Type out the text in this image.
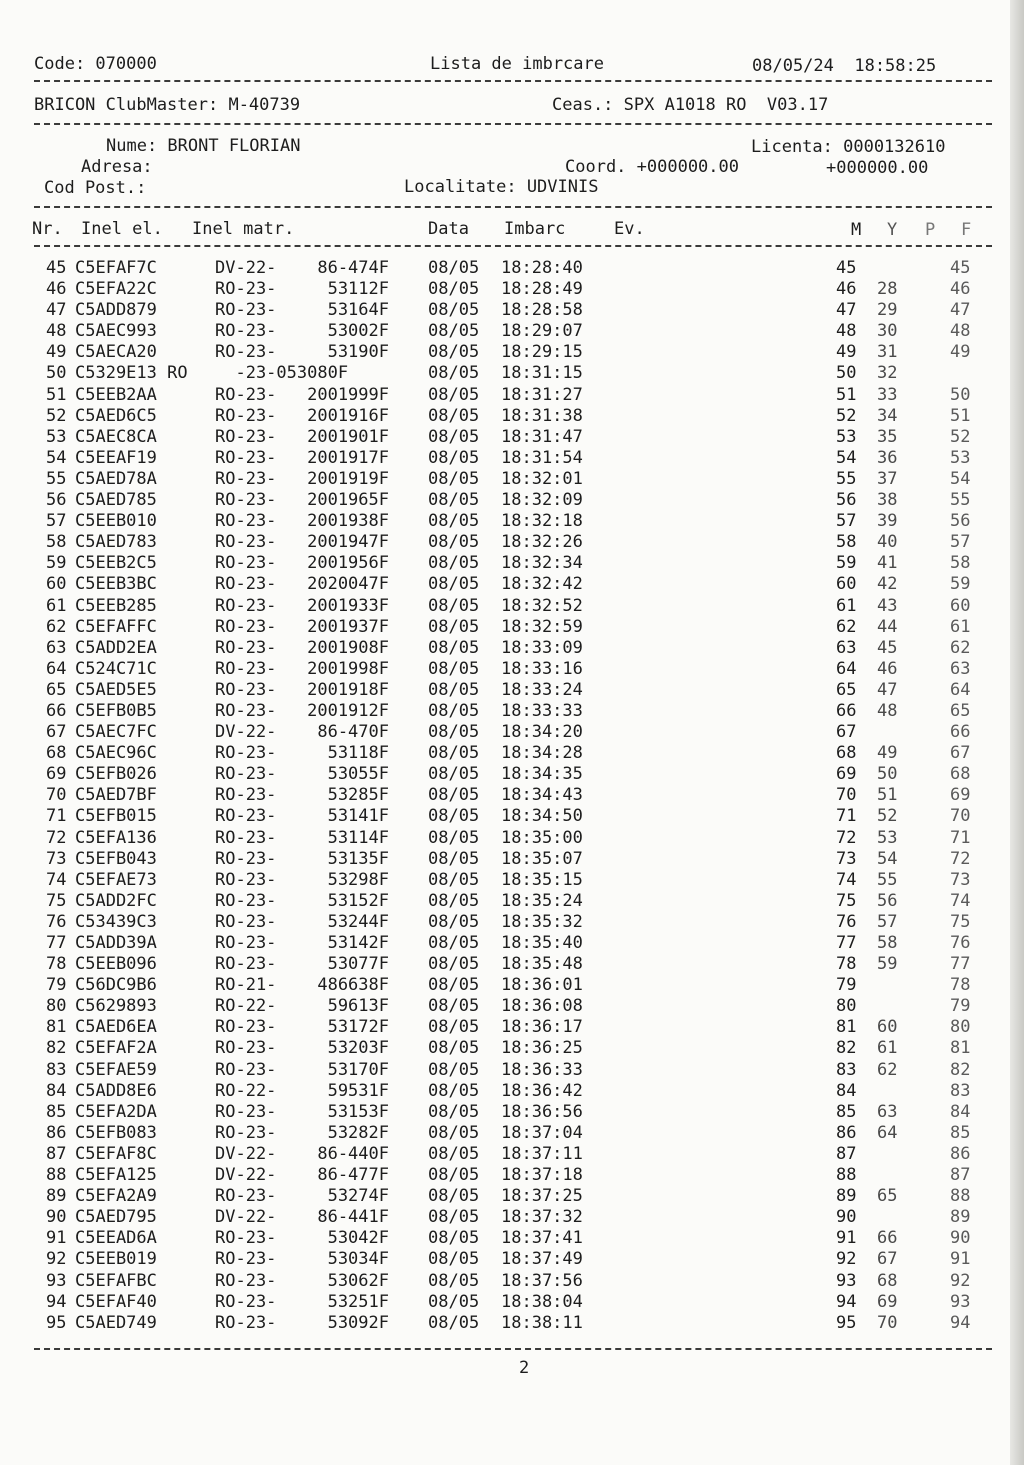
Code: 070000	Lista de imbrcare	08/05/24  18:58:25
BRICON ClubMaster: M-40739	Ceas.: SPX A1018 RO  V03.17
Nume: BRONT FLORIAN	Licenta: 0000132610
Adresa:	Coord. +000000.00	+000000.00
Cod Post.:	Localitate: UDVINIS
Nr. Inel el. Inel matr.	Data Imbarc	Ev.	M Y P F
45 C5EFAF7C	DV-22-    86-474F 08/05 18:28:40	45	45
46 C5EFA22C	RO-23-     53112F 08/05 18:28:49	46 28	46
47 C5ADD879	RO-23-     53164F 08/05 18:28:58	47 29	47
48 C5AEC993	RO-23-     53002F 08/05 18:29:07	48 30	48
49 C5AECA20	RO-23-     53190F 08/05 18:29:15	49 31	49
50 C5329E13 RO -23-053080F	08/05 18:31:15	50 32
51 C5EEB2AA	RO-23-   2001999F 08/05 18:31:27	51 33	50
52 C5AED6C5	RO-23-   2001916F 08/05 18:31:38	52 34	51
53 C5AEC8CA	RO-23-   2001901F 08/05 18:31:47	53 35	52
54 C5EEAF19	RO-23-   2001917F 08/05 18:31:54	54 36	53
55 C5AED78A	RO-23-   2001919F 08/05 18:32:01	55 37	54
56 C5AED785	RO-23-   2001965F 08/05 18:32:09	56 38	55
57 C5EEB010	RO-23-   2001938F 08/05 18:32:18	57 39	56
58 C5AED783	RO-23-   2001947F 08/05 18:32:26	58 40	57
59 C5EEB2C5	RO-23-   2001956F 08/05 18:32:34	59 41	58
60 C5EEB3BC	RO-23-   2020047F 08/05 18:32:42	60 42	59
61 C5EEB285	RO-23-   2001933F 08/05 18:32:52	61 43	60
62 C5EFAFFC	RO-23-   2001937F 08/05 18:32:59	62 44	61
63 C5ADD2EA	RO-23-   2001908F 08/05 18:33:09	63 45	62
64 C524C71C	RO-23-   2001998F 08/05 18:33:16	64 46	63
65 C5AED5E5	RO-23-   2001918F 08/05 18:33:24	65 47	64
66 C5EFB0B5	RO-23-   2001912F 08/05 18:33:33	66 48	65
67 C5AEC7FC	DV-22-    86-470F 08/05 18:34:20	67	66
68 C5AEC96C	RO-23-     53118F 08/05 18:34:28	68 49	67
69 C5EFB026	RO-23-     53055F 08/05 18:34:35	69 50	68
70 C5AED7BF	RO-23-     53285F 08/05 18:34:43	70 51	69
71 C5EFB015	RO-23-     53141F 08/05 18:34:50	71 52	70
72 C5EFA136	RO-23-     53114F 08/05 18:35:00	72 53	71
73 C5EFB043	RO-23-     53135F 08/05 18:35:07	73 54	72
74 C5EFAE73	RO-23-     53298F 08/05 18:35:15	74 55	73
75 C5ADD2FC	RO-23-     53152F 08/05 18:35:24	75 56	74
76 C53439C3	RO-23-     53244F 08/05 18:35:32	76 57	75
77 C5ADD39A	RO-23-     53142F 08/05 18:35:40	77 58	76
78 C5EEB096	RO-23-     53077F 08/05 18:35:48	78 59	77
79 C56DC9B6	RO-21-    486638F 08/05 18:36:01	79	78
80 C5629893	RO-22-     59613F 08/05 18:36:08	80	79
81 C5AED6EA	RO-23-     53172F 08/05 18:36:17	81 60	80
82 C5EFAF2A	RO-23-     53203F 08/05 18:36:25	82 61	81
83 C5EFAE59	RO-23-     53170F 08/05 18:36:33	83 62	82
84 C5ADD8E6	RO-22-     59531F 08/05 18:36:42	84	83
85 C5EFA2DA	RO-23-     53153F 08/05 18:36:56	85 63	84
86 C5EFB083	RO-23-     53282F 08/05 18:37:04	86 64	85
87 C5EFAF8C	DV-22-    86-440F 08/05 18:37:11	87	86
88 C5EFA125	DV-22-    86-477F 08/05 18:37:18	88	87
89 C5EFA2A9	RO-23-     53274F 08/05 18:37:25	89 65	88
90 C5AED795	DV-22-    86-441F 08/05 18:37:32	90	89
91 C5EEAD6A	RO-23-     53042F 08/05 18:37:41	91 66	90
92 C5EEB019	RO-23-     53034F 08/05 18:37:49	92 67	91
93 C5EFAFBC	RO-23-     53062F 08/05 18:37:56	93 68	92
94 C5EFAF40	RO-23-     53251F 08/05 18:38:04	94 69	93
95 C5AED749	RO-23-     53092F 08/05 18:38:11	95 70	94
2
